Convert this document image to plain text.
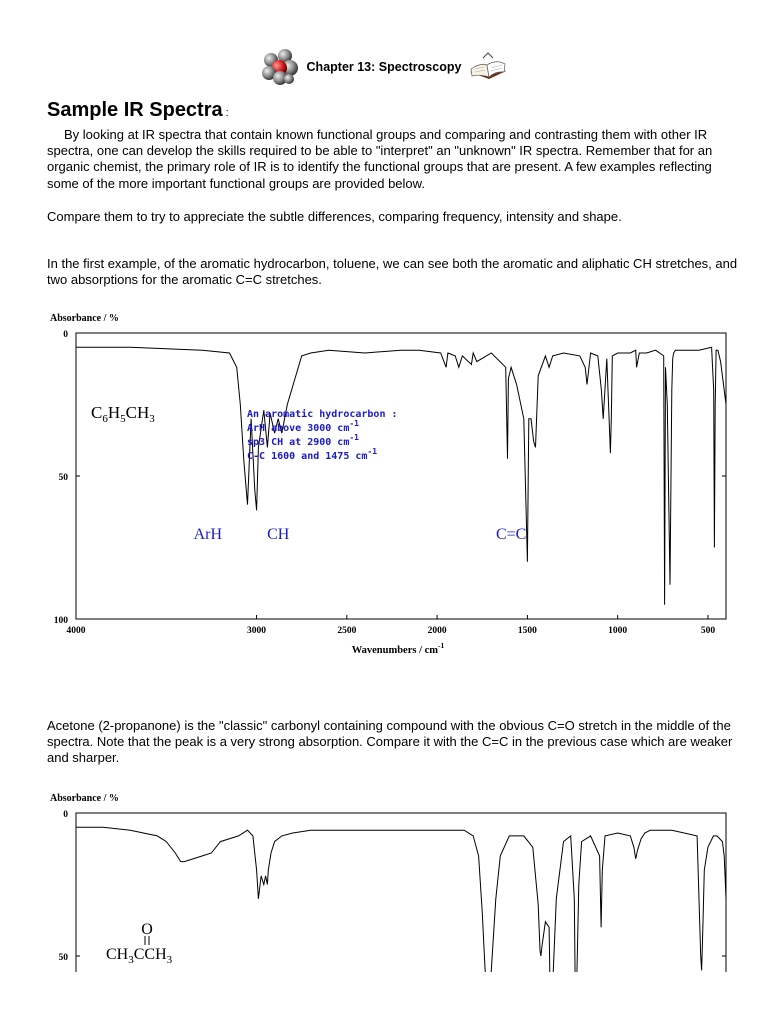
Chapter 13: Spectroscopy
Sample IR Spectra :

By looking at IR spectra that contain known functional groups and comparing and contrasting them with other IR spectra, one can develop the skills required to be able to "interpret" an "unknown" IR spectra. Remember that for an organic chemist, the primary role of IR is to identify the functional groups that are present. A few examples reflecting some of the more important functional groups are provided below.

Compare them to try to appreciate the subtle differences, comparing frequency, intensity and shape.

In the first example, of the aromatic hydrocarbon, toluene, we can see both the aromatic and aliphatic CH stretches, and two absorptions for the aromatic C=C stretches.

0
50
100
4000	3000	2500	2000	1500	1000	500
Absorbance / %
Wavenumbers / $cm^{-1}$
$C_6H_5CH_3$	An aromatic hydrocarbon :
ArH above 3000 $cm^{-1}$
sp3 CH at 2900 $cm^{-1}$
C-C 1600 and 1475 $cm^{-1}$
ArH	CH	C=C

Acetone (2-propanone) is the "classic" carbonyl containing compound with the obvious C=O stretch in the middle of the spectra. Note that the peak is a very strong absorption. Compare it with the C=C in the previous case which are weaker and sharper.

0
50
Absorbance / %
O
$CH_3CCH_3$
